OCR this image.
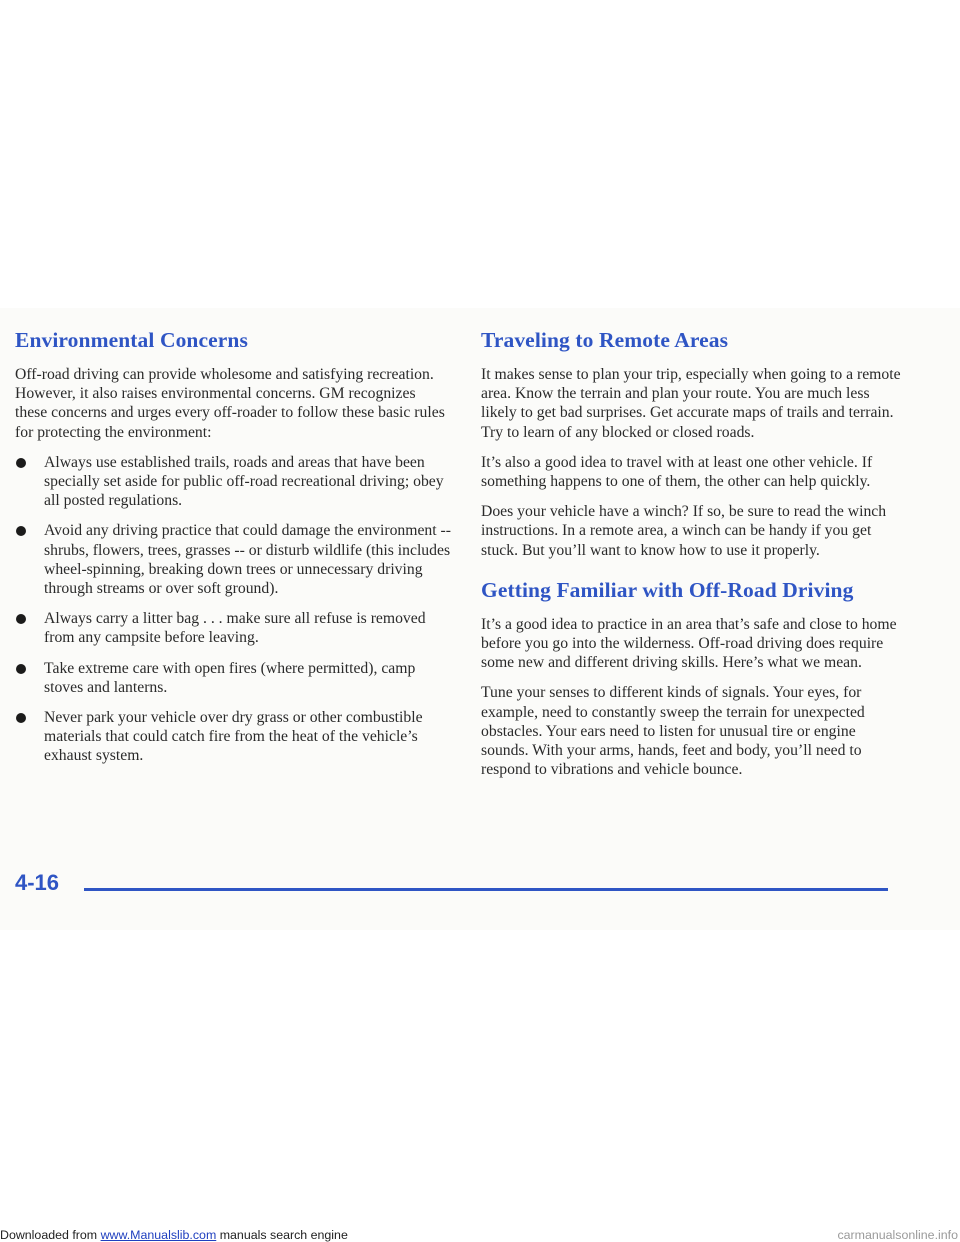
Environmental Concerns

Off-road driving can provide wholesome and satisfying recreation. However, it also raises environmental concerns. GM recognizes these concerns and urges every off-roader to follow these basic rules for protecting the environment:

Always use established trails, roads and areas that have been specially set aside for public off-road recreational driving; obey all posted regulations.
Avoid any driving practice that could damage the environment -- shrubs, flowers, trees, grasses -- or disturb wildlife (this includes wheel-spinning, breaking down trees or unnecessary driving through streams or over soft ground).
Always carry a litter bag . . . make sure all refuse is removed from any campsite before leaving.
Take extreme care with open fires (where permitted), camp stoves and lanterns.
Never park your vehicle over dry grass or other combustible materials that could catch fire from the heat of the vehicle’s exhaust system.
Traveling to Remote Areas

It makes sense to plan your trip, especially when going to a remote area. Know the terrain and plan your route. You are much less likely to get bad surprises. Get accurate maps of trails and terrain. Try to learn of any blocked or closed roads.

It’s also a good idea to travel with at least one other vehicle. If something happens to one of them, the other can help quickly.

Does your vehicle have a winch? If so, be sure to read the winch instructions. In a remote area, a winch can be handy if you get stuck. But you’ll want to know how to use it properly.

Getting Familiar with Off-Road Driving

It’s a good idea to practice in an area that’s safe and close to home before you go into the wilderness. Off-road driving does require some new and different driving skills. Here’s what we mean.

Tune your senses to different kinds of signals. Your eyes, for example, need to constantly sweep the terrain for unexpected obstacles. Your ears need to listen for unusual tire or engine sounds. With your arms, hands, feet and body, you’ll need to respond to vibrations and vehicle bounce.

4-16
Downloaded from www.Manualslib.com manuals search engine	carmanualsonline.info
